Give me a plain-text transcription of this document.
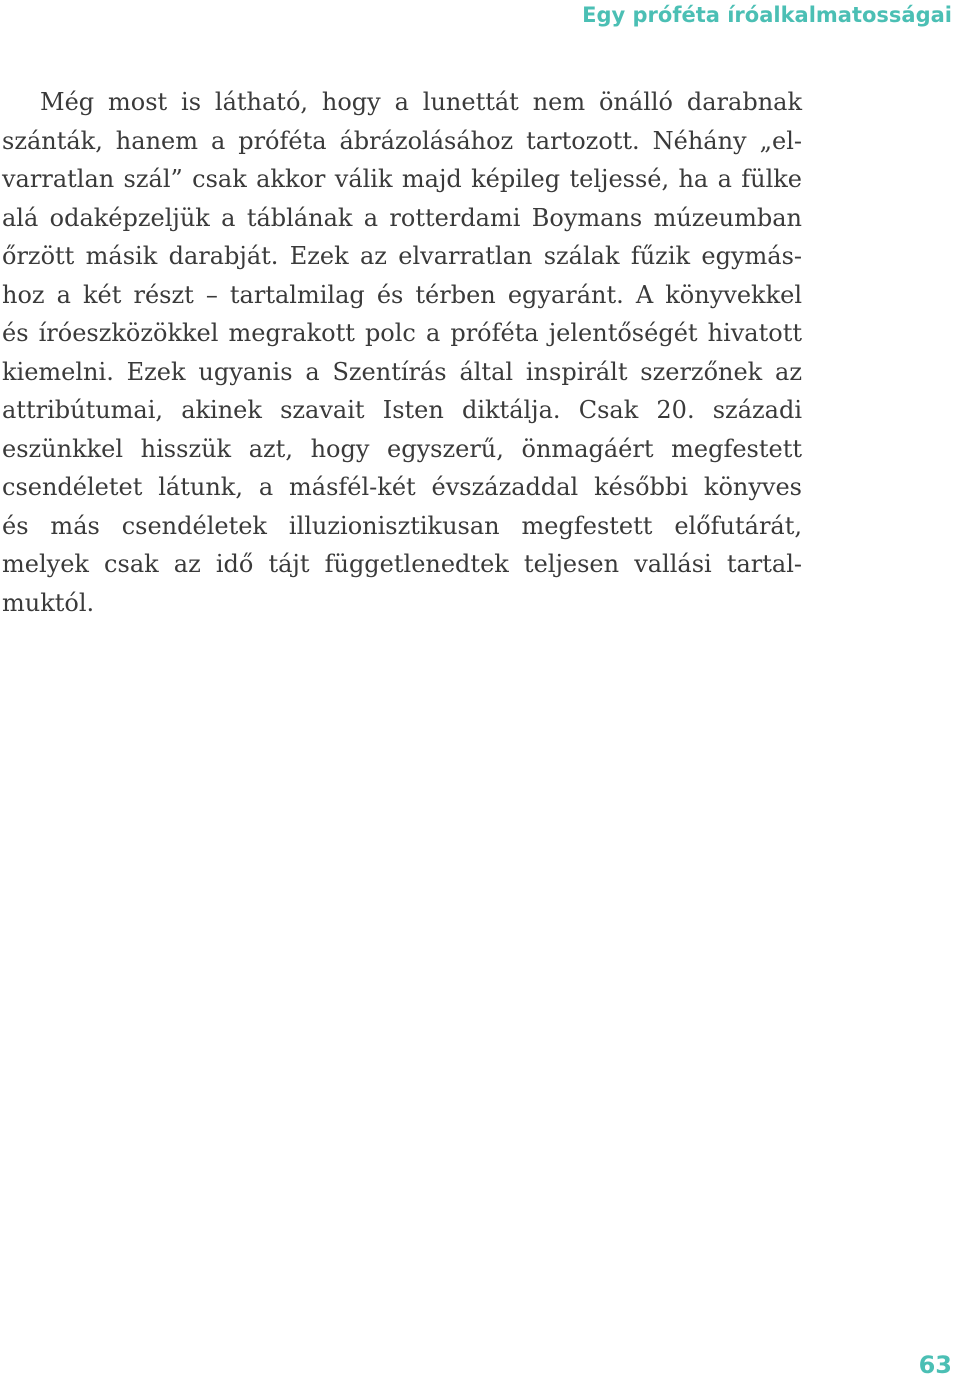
Egy próféta íróalkalmatosságai
Még most is látható, hogy a lunettát nem önálló darabnak
szánták, hanem a próféta ábrázolásához tartozott. Néhány „el-
varratlan szál” csak akkor válik majd képileg teljessé, ha a fülke
alá odaképzeljük a táblának a rotterdami Boymans múzeumban
őrzött másik darabját. Ezek az elvarratlan szálak fűzik egymás-
hoz a két részt – tartalmilag és térben egyaránt. A könyvekkel
és íróeszközökkel megrakott polc a próféta jelentőségét hivatott
kiemelni. Ezek ugyanis a Szentírás által inspirált szerzőnek az
attribútumai, akinek szavait Isten diktálja. Csak 20. századi
eszünkkel hisszük azt, hogy egyszerű, önmagáért megfestett
csendéletet látunk, a másfél-két évszázaddal későbbi könyves
és más csendéletek illuzionisztikusan megfestett előfutárát,
melyek csak az idő tájt függetlenedtek teljesen vallási tartal-
muktól.
63
